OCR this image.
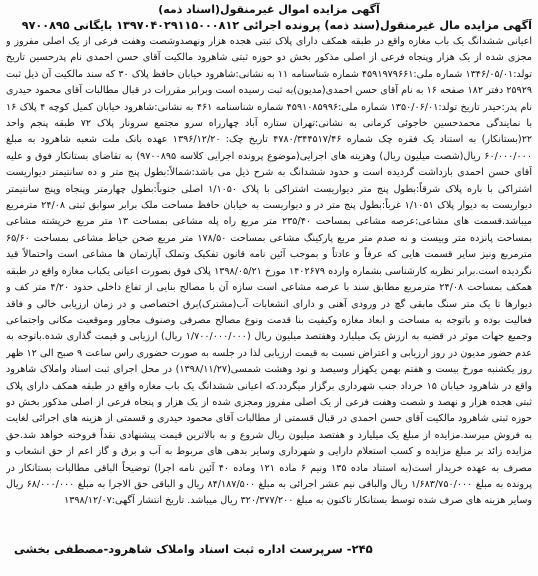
آگهی مزایده اموال غیرمنقول(اسناد ذمه)
آگهی مزایده مال غیرمنقول(سند ذمه) پرونده اجرائی ۱۳۹۷۰۴۰۲۹۱۱۵۰۰۰۸۱۲ بایگانی ۹۷۰۰۸۹۵

اعیانی ششدانگ یک باب مغازه واقع در طبقه همکف دارای پلاک ثبتی هجده هزار ونهصدوشصت وهفت فرعی از یک اصلی مفروز و مجزی شده از یک هزار وپنجاه فرعی از اصلی مذکور بخش دو حوزه ثبتی شاهرود مالکیت آقای حسن احمدی نام پدرحسین تاریخ تولد:۱۳۴۶/۰۵/۰۱ شماره ملی:۴۵۹۱۹۷۹۶۶۱ شماره شناسنامه ۱۱ به نشانی:شاهرود خیابان حافظ پلاک ۳۰ که سند مالکیت آن ذیل ثبت ۲۵۹۲۹ دفتر ۱۸۲ صفحه ۱۶ به نام آقای حسن احمدی(مدیون)به ثبت رسیده است وبرابر مقررات در قبال مطالبات آقای محمود حیدری نام پدر:حیدر تاریخ تولد:۱۳۵۰/۰۶/۰۱ شماره ملی:۴۵۹۱۰۸۵۹۹۶ شماره شناسنامه ۴۶۱ به نشانی:شاهرود خیابان کمیل کوچه ۴ پلاک ۱۶ با نمایندگی محمدحسین خاجوئی کرمانی به نشانی:تهران ستاره آباد چهارراه سرو مجتمع سرونار پلاک ۷۲ طبقه پنجم واحد ۲۲(بستانکار) به استناد یک فقره چک شماره ۴۷۸۰/۳۴۴۵۱۷/۴۶ تاریخ چک: ۱۳۹۶/۱۲/۲۰ عهده بانک ملت شعبه شاهرود به مبلغ ۶۰/۰۰۰/۰۰۰ ریال(شصت میلیون ریال) وهزینه های اجرایی(موضوع پرونده اجرایی کلاسه ۹۷۰۰۸۹۵) به تقاضای بستانکار فوق و علیه آقای حسن احمدی بازداشت گردیده است و حدود ششدانگ به شرح ذیل می باشد:شمالاً:بطول پنج متر و ده سانتیمتر دیواریست اشتراکی با باره پلاک شرقاً:بطول پنج متر دیواریست اشتراکی با پلاک ۱/۱۰۵۰ اصلی جنوباً:بطول چهارمتر وپنجاه وپنج سانتیمتر دیواریست به دیوار پلاک ۱/۱۰۵۱ غرباً:بطول پنج متر در و دیواریست به خیابان حافظ مساحت ملک برابر سوابق ثبتی ۲۴/۰۸ مترمربع میباشد.قسمت های مشاعی:عرصه مشاعی بمساحت ۲۳۵/۴۰ متر مربع راه پله مشاعی بمساحت ۱۳ متر مربع خرپشته مشاعی بمساحت پانزده متر وبیست و نه صدم متر مربع پارکینگ مشاعی بمساحت ۱۷۸/۵۰ متر مربع صحن حیاط مشاعی بمساحت ۶۵/۶۰ مترمربع ونیز سایر قسمت هایی که عرفاً و عادتاً و بموجب آئین نامه قانون تفکیک وتملک آپارتمان ها مشاعی است واحتمالاً قید نگردیده است.برابر نظریه کارشناسی بشماره وارده ۱۴۰۲۶۷۹ مورخ ۱۳۹۸/۰۵/۲۱ پلاک فوق بصورت اعیانی یکباب مغازه واقع در طبقه همکف بمساحت ۲۴/۰۸ مترمربع مطابق سند با عرصه مشاعی است سازه آن با مصالح بنایی از تفاع داخلی حدود ۴/۲۰ متر کف و دیوارها تا یک متر سنگ مابقی گچ در ورودی آهنی و دارای انشعابات آب(مشترک)برق اختصاصی و در زمان ارزیابی خالی و فاقد فعالیت بوده و باتوجه به مساحت و ابعاد مغازه وکیفیت بنا قدمت ونوع مصالح مصرفی وصنوف مجاور وموقعیت مکانی واجتماعی وجمیع جهات موثر در قضیه به ارزش یک میلیارد وهفتصد میلیون ریال (۱/۷۰۰/۰۰۰/۰۰۰ ریال) ارزیابی و قیمت گذاری شده.باتوجه به عدم حضور مدیون در روز ارزیابی و اعتراض نسبت به قیمت ارزیابی لذا در جلسه به صورت حضوری راس ساعت ۹ صبح الی ۱۲ ظهر روز یکشنبه مورخ بیست و هفتم بهمن یکهزار وسیصد و نود وهشت شمسی(۱۳۹۸/۱۱/۲۷) در محل اجرای ثبت اسناد واملاک شاهرود واقع در شاهرود خیابان ۱۵ خرداد جنب شهرداری برگزار میگردد.که اعیانی ششدانگ یک باب مغازه واقع در طبقه همکف دارای پلاک ثبتی هجده هزار و نهصد و شصت وهفت فرعی از یک اصلی مفروز ومجزی شده از یک هزار و پنجاه فرعی از اصلی مذکور بخش دو حوزه ثبتی شاهرود مالکیت آقای حسن احمدی در قبال قسمتی از مطالبات آقای محمود حیدری و قسمتی از هزینه های اجرائی لغایت به فروش میرسد.مزایده از مبلغ یک میلیارد و هفتصد میلیون ریال شروع و به بالاترین قیمت پیشنهادی نقداً فروخته خواهد شد.حق مزایده زائد بر مبلغ مزایده و کسب استعلام دارایی و شهرداری وسایر بدهی های مربوط به آب و برق و گاز اعم از حق انشعاب و مصرف به عهده خریدار است(به استناد ماده ۱۳۵ ونیم ۶ ماده ۱۲۱ وماده ۴۰ آئین نامه اجرا) توضیحاً الباقی مطالبات بستانکار در پرونده به مبلغ ۱/۶۸۳/۷۵۰/۰۰۰ ریال والباقی نیم عشر اجرائی به مبلغ ۸۴/۱۸۷/۵۰۰ ریال و الباقی حق الاجرا به مبلغ ۶۸/۰۰۰/۰۰۰ ریال وسایر هزینه های صرف شده توسط بستانکار تاکنون به مبلغ ۳۲۰/۳۷۷/۲۰۰ ریال میباشد. تاریخ انتشار آگهی:۱۳۹۸/۱۲/۰۷

۲۴۵- سرپرست اداره ثبت اسناد واملاک شاهرود-مصطفی بخشی
